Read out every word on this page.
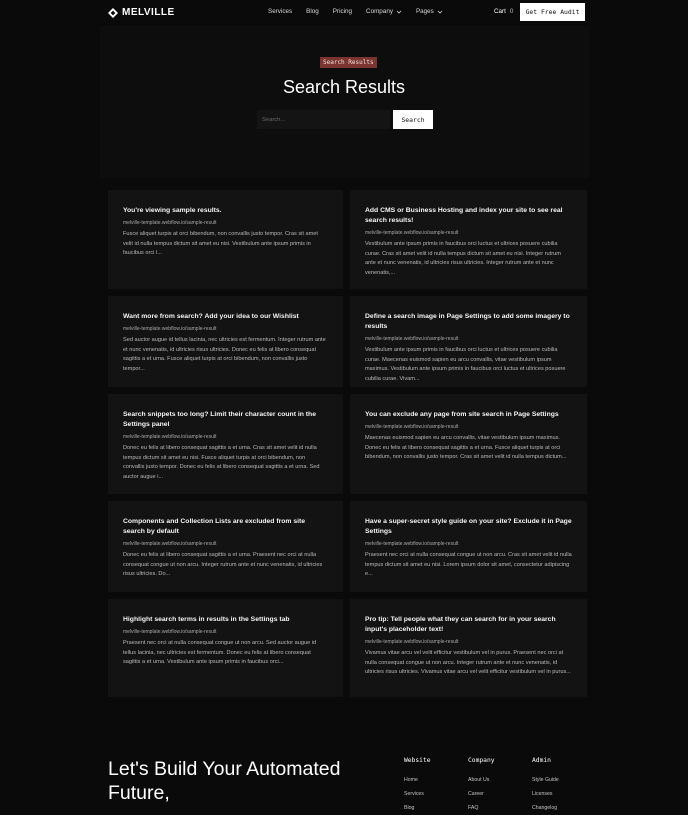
MELVILLE	Services Blog Pricing Company	Pages	Cart 0	Get Free Audit
Search Results
Search Results
Search...
Search
You're viewing sample results.
melville-template.webflow.io/sample-result
Fusce aliquet turpis at orci bibendum, non convallis justo tempor. Cras sit amet velit id nulla tempus dictum sit amet eu nisi. Vestibulum ante ipsum primis in faucibus orci l...
Add CMS or Business Hosting and index your site to see real search results!
melville-template.webflow.io/sample-result
Vestibulum ante ipsum primis in faucibus orci luctus et ultrices posuere cubilia curae. Cras sit amet velit id nulla tempus dictum sit amet eu nisi. Integer rutrum ante et nunc venenatis, id ultricies risus ultricies. Integer rutrum ante et nunc venenatis,...
Want more from search? Add your idea to our Wishlist
melville-template.webflow.io/sample-result
Sed auctor augue id tellus lacinia, nec ultricies est fermentum. Integer rutrum ante et nunc venenatis, id ultricies risus ultricies. Donec eu felis at libero consequat sagittis a et urna. Fusce aliquet turpis at orci bibendum, non convallis justo tempor...
Define a search image in Page Settings to add some imagery to results
melville-template.webflow.io/sample-result
Vestibulum ante ipsum primis in faucibus orci luctus et ultrices posuere cubilia curae. Maecenas euismod sapien eu arcu convallis, vitae vestibulum ipsum maximus. Vestibulum ante ipsum primis in faucibus orci luctus et ultrices posuere cubilia curae. Vivam...
Search snippets too long? Limit their character count in the Settings panel
melville-template.webflow.io/sample-result
Donec eu felis at libero consequat sagittis a et urna. Cras sit amet velit id nulla tempus dictum sit amet eu nisi. Fusce aliquet turpis at orci bibendum, non convallis justo tempor. Donec eu felis at libero consequat sagittis a et urna. Sed auctor augue i...
You can exclude any page from site search in Page Settings
melville-template.webflow.io/sample-result
Maecenas euismod sapien eu arcu convallis, vitae vestibulum ipsum maximus. Donec eu felis at libero consequat sagittis a et urna. Fusce aliquet turpis at orci bibendum, non convallis justo tempor. Cras sit amet velit id nulla tempus dictum...
Components and Collection Lists are excluded from site search by default
melville-template.webflow.io/sample-result
Donec eu felis at libero consequat sagittis a et urna. Praesent nec orci at nulla consequat congue ut non arcu. Integer rutrum ante et nunc venenatis, id ultricies risus ultricies. Do...
Have a super-secret style guide on your site? Exclude it in Page Settings
melville-template.webflow.io/sample-result
Praesent nec orci at nulla consequat congue ut non arcu. Cras sit amet velit id nulla tempus dictum sit amet eu nisi. Lorem ipsum dolor sit amet, consectetur adipiscing e...
Highlight search terms in results in the Settings tab
melville-template.webflow.io/sample-result
Praesent nec orci at nulla consequat congue ut non arcu. Sed auctor augue id tellus lacinia, nec ultricies est fermentum. Donec eu felis at libero consequat sagittis a et urna. Vestibulum ante ipsum primis in faucibus orci...
Pro tip: Tell people what they can search for in your search input's placeholder text!
melville-template.webflow.io/sample-result
Vivamus vitae arcu vel velit efficitur vestibulum vel in purus. Praesent nec orci at nulla consequat congue ut non arcu. Integer rutrum ante et nunc venenatis, id ultricies risus ultricies. Vivamus vitae arcu vel velit efficitur vestibulum vel in purus...
Let's Build Your Automated Future,
Website
Home
Services
Blog
Company
About Us
Career
FAQ
Admin
Style Guide
Licenses
Changelog
